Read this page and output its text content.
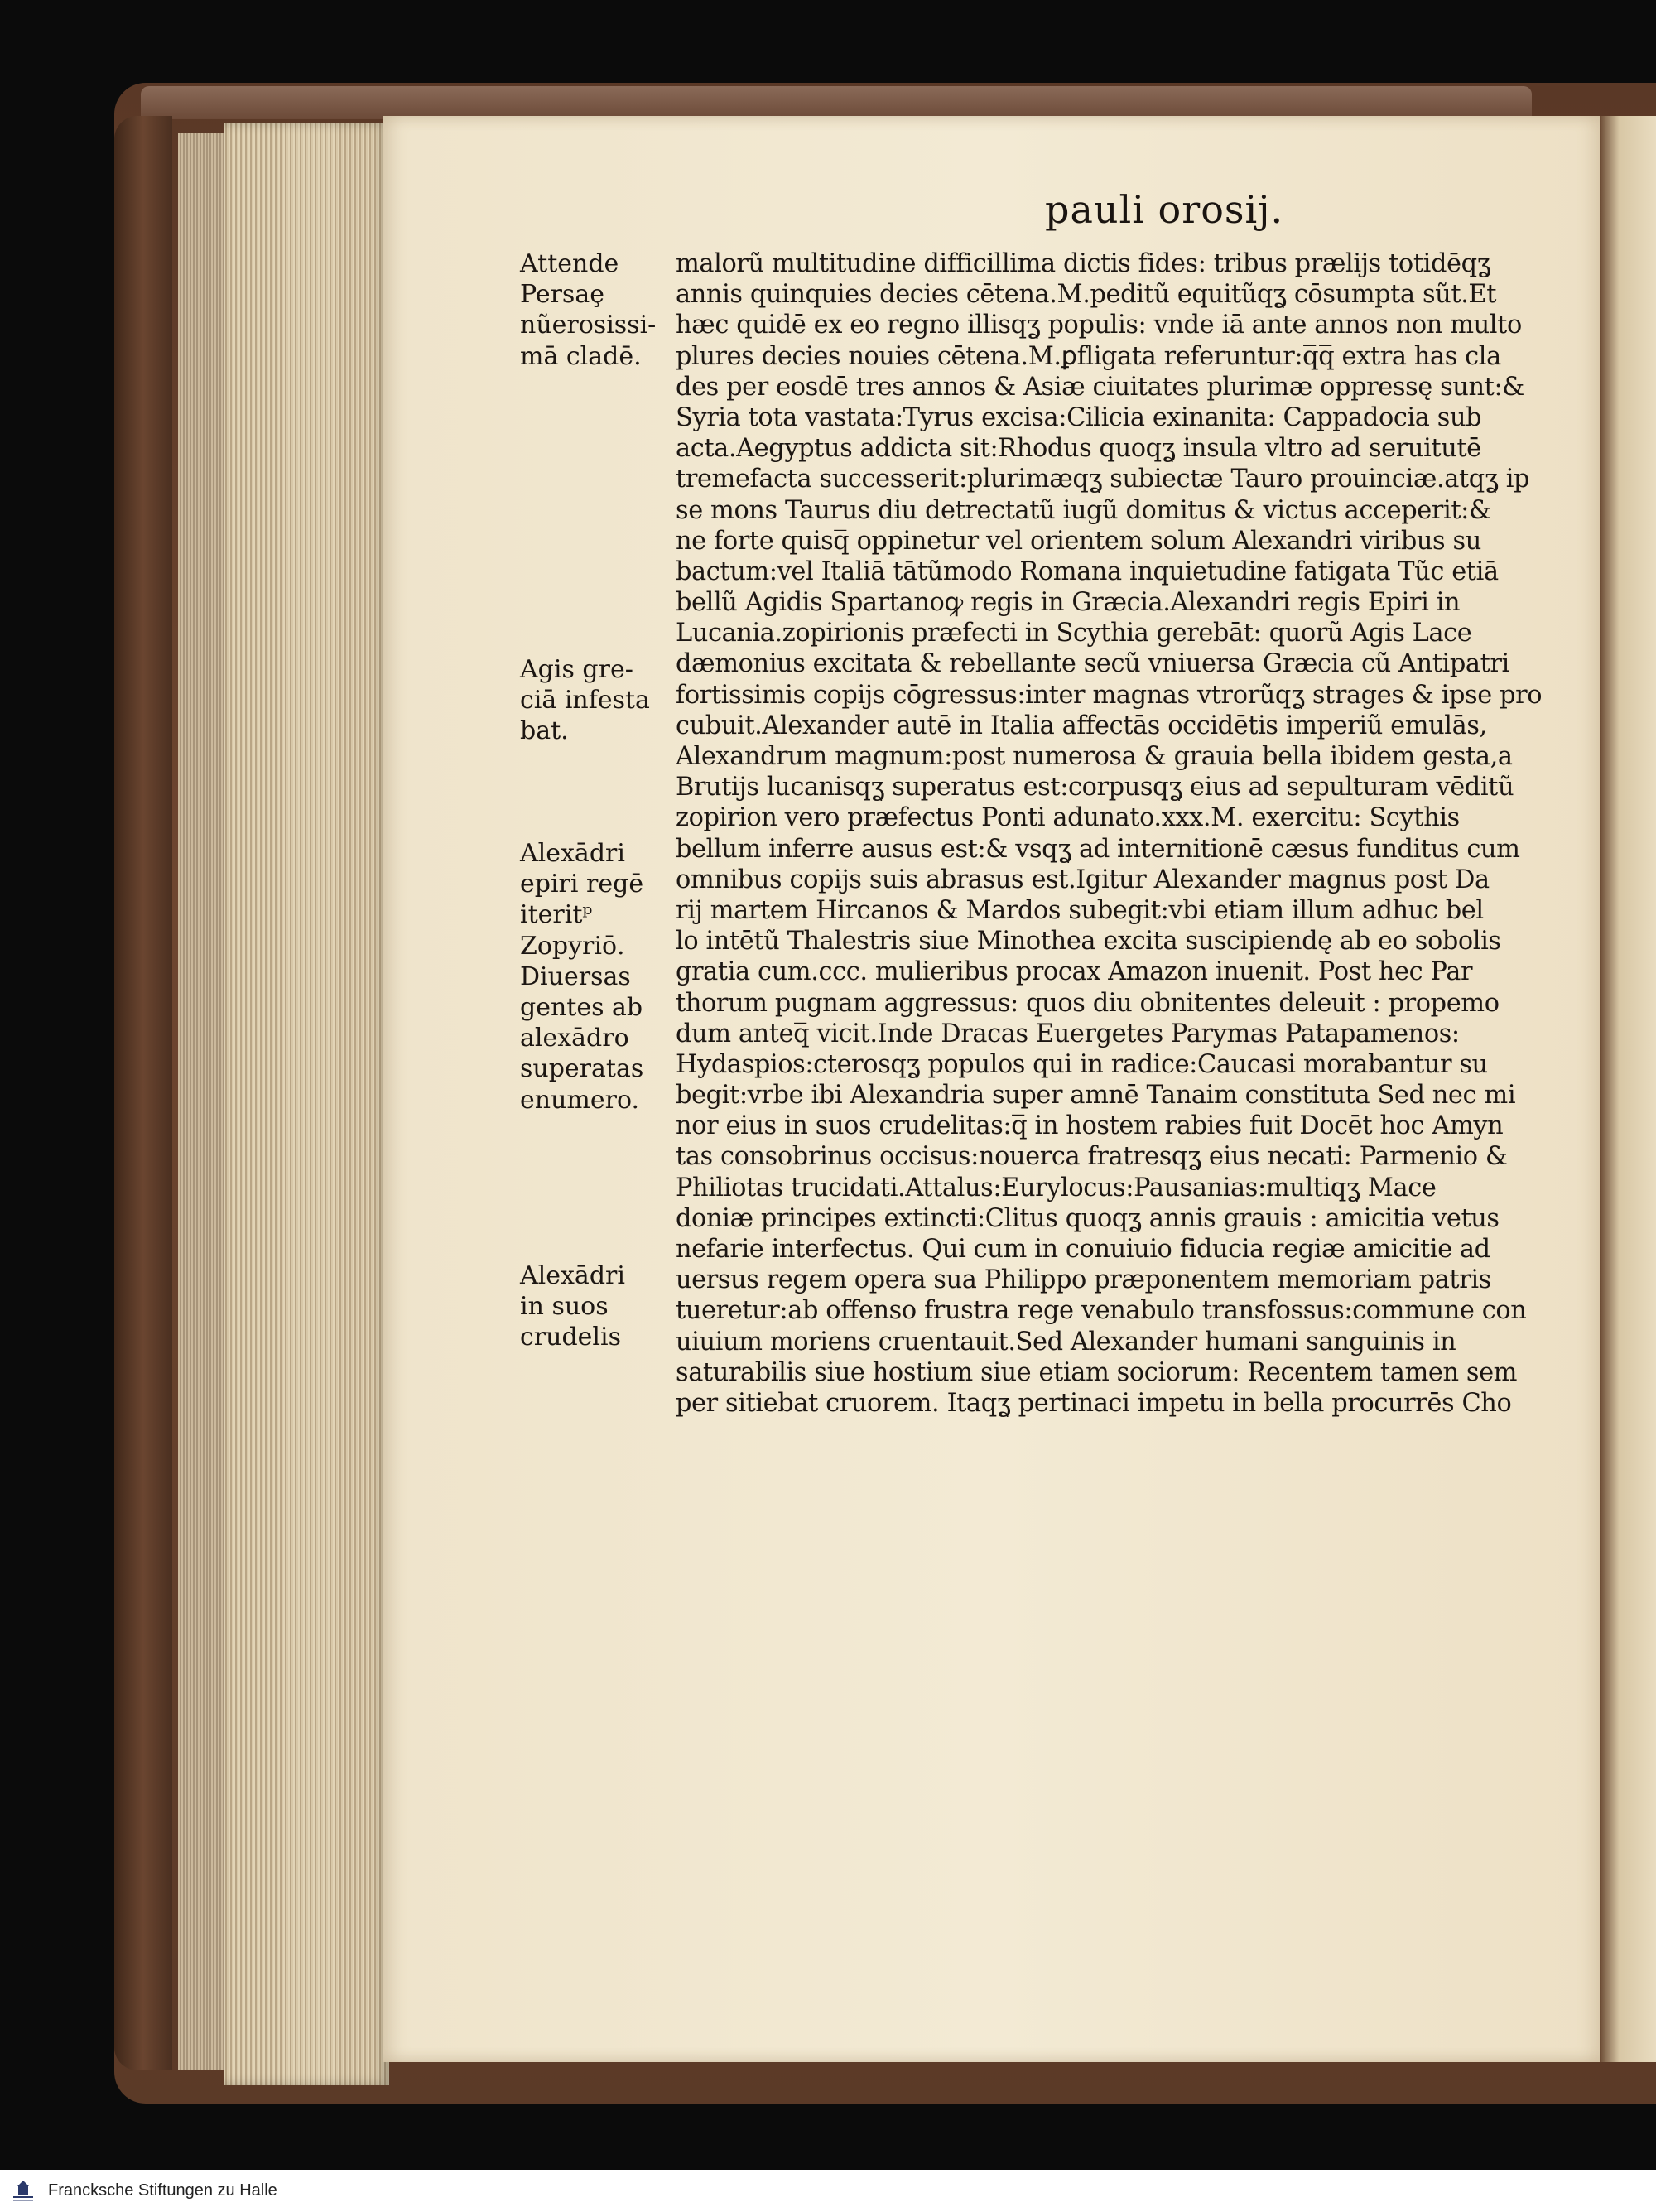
pauli orosij.
Attende
Persaȩ
nũerosissi-
mā cladē.
Agis gre-
ciā infesta
bat.
Alexādri
epiri regē
iteritᵖ
Zopyriō.
Diuersas
gentes ab
alexādro
superatas
enumero.
Alexādri
in suos
crudelis
malorũ multitudine difficillima dictis fides: tribus prælijs totidēqʓ
annis quinquies decies cētena.M.peditũ equitũqʓ cōsumpta sũt.Et
hæc quidē ex eo regno illisqʓ populis: vnde iā ante annos non multo
plures decies nouies cētena.M.ꝑfligata referuntur:q̅q̅ extra has cla
des per eosdē tres annos & Asiæ ciuitates plurimæ oppressę sunt:&
Syria tota vastata:Tyrus excisa:Cilicia exinanita: Cappadocia sub
acta.Aegyptus addicta sit:Rhodus quoqʓ insula vltro ad seruitutē
tremefacta successerit:plurimæqʓ subiectæ Tauro prouinciæ.atqʓ ip
se mons Taurus diu detrectatũ iugũ domitus & victus acceperit:&
ne forte quisq̅ oppinetur vel orientem solum Alexandri viribus su
bactum:vel Italiā tātũmodo Romana inquietudine fatigata Tũc etiā
bellũ Agidis Spartanoꝙ regis in Græcia.Alexandri regis Epiri in
Lucania.zopirionis præfecti in Scythia gerebāt: quorũ Agis Lace
dæmonius excitata & rebellante secũ vniuersa Græcia cũ Antipatri
fortissimis copijs cōgressus:inter magnas vtrorũqʓ strages & ipse pro
cubuit.Alexander autē in Italia affectās occidētis imperiũ emulās,
Alexandrum magnum:post numerosa & grauia bella ibidem gesta,a
Brutijs lucanisqʓ superatus est:corpusqʓ eius ad sepulturam vēditũ
zopirion vero præfectus Ponti adunato.xxx.M. exercitu: Scythis
bellum inferre ausus est:& vsqʓ ad internitionē cæsus funditus cum
omnibus copijs suis abrasus est.Igitur Alexander magnus post Da
rij martem Hircanos & Mardos subegit:vbi etiam illum adhuc bel
lo intētũ Thalestris siue Minothea excita suscipiendę ab eo sobolis
gratia cum.ccc. mulieribus procax Amazon inuenit. Post hec Par
thorum pugnam aggressus: quos diu obnitentes deleuit : propemo
dum anteq̅ vicit.Inde Dracas Euergetes Parymas Patapamenos:
Hydaspios:cterosqʓ populos qui in radice:Caucasi morabantur su
begit:vrbe ibi Alexandria super amnē Tanaim constituta Sed nec mi
nor eius in suos crudelitas:q̅ in hostem rabies fuit Docēt hoc Amyn
tas consobrinus occisus:nouerca fratresqʓ eius necati: Parmenio &
Philiotas trucidati.Attalus:Eurylocus:Pausanias:multiqʓ Mace
doniæ principes extincti:Clitus quoqʓ annis grauis : amicitia vetus
nefarie interfectus. Qui cum in conuiuio fiducia regiæ amicitie ad
uersus regem opera sua Philippo præponentem memoriam patris
tueretur:ab offenso frustra rege venabulo transfossus:commune con
uiuium moriens cruentauit.Sed Alexander humani sanguinis in
saturabilis siue hostium siue etiam sociorum: Recentem tamen sem
per sitiebat cruorem. Itaqʓ pertinaci impetu in bella procurrēs Cho
Francksche Stiftungen zu Halle
